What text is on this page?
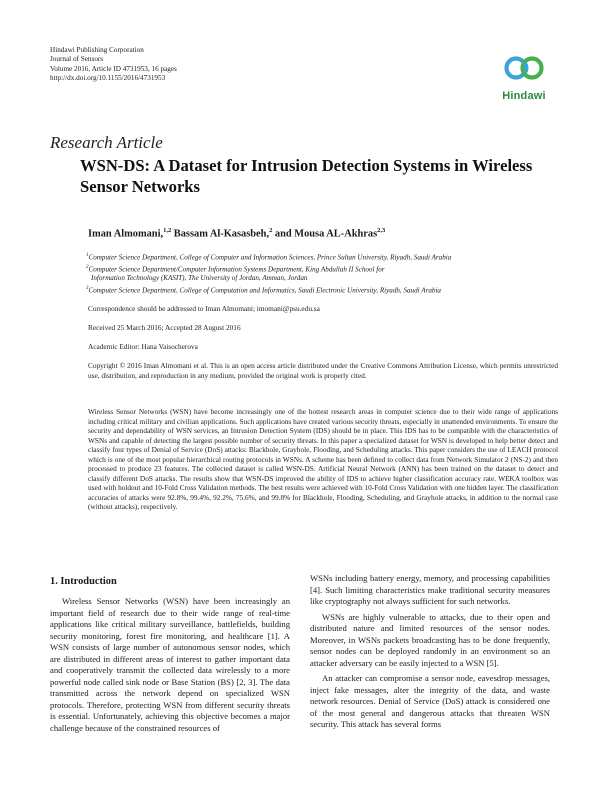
Hindawi Publishing Corporation
Journal of Sensors
Volume 2016, Article ID 4731953, 16 pages
http://dx.doi.org/10.1155/2016/4731953
Hindawi
Research Article
WSN-DS: A Dataset for Intrusion Detection Systems in Wireless Sensor Networks
Iman Almomani,$^{1,2}$ Bassam Al-Kasasbeh,$^2$ and Mousa AL-Akhras$^{2,3}$
$^1$Computer Science Department, College of Computer and Information Sciences, Prince Sultan University, Riyadh, Saudi Arabia
$^2$Computer Science Department/Computer Information Systems Department, King Abdullah II School for
Information Technology (KASIT), The University of Jordan, Amman, Jordan
$^3$Computer Science Department, College of Computation and Informatics, Saudi Electronic University, Riyadh, Saudi Arabia
Correspondence should be addressed to Iman Almomani; imomani@psu.edu.sa
Received 25 March 2016; Accepted 28 August 2016
Academic Editor: Hana Vaisocherova
Copyright © 2016 Iman Almomani et al. This is an open access article distributed under the Creative Commons Attribution License, which permits unrestricted use, distribution, and reproduction in any medium, provided the original work is properly cited.
Wireless Sensor Networks (WSN) have become increasingly one of the hottest research areas in computer science due to their wide range of applications including critical military and civilian applications. Such applications have created various security threats, especially in unattended environments. To ensure the security and dependability of WSN services, an Intrusion Detection System (IDS) should be in place. This IDS has to be compatible with the characteristics of WSNs and capable of detecting the largest possible number of security threats. In this paper a specialized dataset for WSN is developed to help better detect and classify four types of Denial of Service (DoS) attacks: Blackhole, Grayhole, Flooding, and Scheduling attacks. This paper considers the use of LEACH protocol which is one of the most popular hierarchical routing protocols in WSNs. A scheme has been defined to collect data from Network Simulator 2 (NS-2) and then processed to produce 23 features. The collected dataset is called WSN-DS. Artificial Neural Network (ANN) has been trained on the dataset to detect and classify different DoS attacks. The results show that WSN-DS improved the ability of IDS to achieve higher classification accuracy rate. WEKA toolbox was used with holdout and 10-Fold Cross Validation methods. The best results were achieved with 10-Fold Cross Validation with one hidden layer. The classification accuracies of attacks were 92.8%, 99.4%, 92.2%, 75.6%, and 99.8% for Blackhole, Flooding, Scheduling, and Grayhole attacks, in addition to the normal case (without attacks), respectively.
1. Introduction

Wireless Sensor Networks (WSN) have been increasingly an important field of research due to their wide range of real-time applications like critical military surveillance, battlefields, building security monitoring, forest fire monitoring, and healthcare [1]. A WSN consists of large number of autonomous sensor nodes, which are distributed in different areas of interest to gather important data and cooperatively transmit the collected data wirelessly to a more powerful node called sink node or Base Station (BS) [2, 3]. The data transmitted across the network depend on specialized WSN protocols. Therefore, protecting WSN from different security threats is essential. Unfortunately, achieving this objective becomes a major challenge because of the constrained resources of

WSNs including battery energy, memory, and processing capabilities [4]. Such limiting characteristics make traditional security measures like cryptography not always sufficient for such networks.

WSNs are highly vulnerable to attacks, due to their open and distributed nature and limited resources of the sensor nodes. Moreover, in WSNs packets broadcasting has to be done frequently, sensor nodes can be deployed randomly in an environment so an attacker adversary can be easily injected to a WSN [5].

An attacker can compromise a sensor node, eavesdrop messages, inject fake messages, alter the integrity of the data, and waste network resources. Denial of Service (DoS) attack is considered one of the most general and dangerous attacks that threaten WSN security. This attack has several forms
